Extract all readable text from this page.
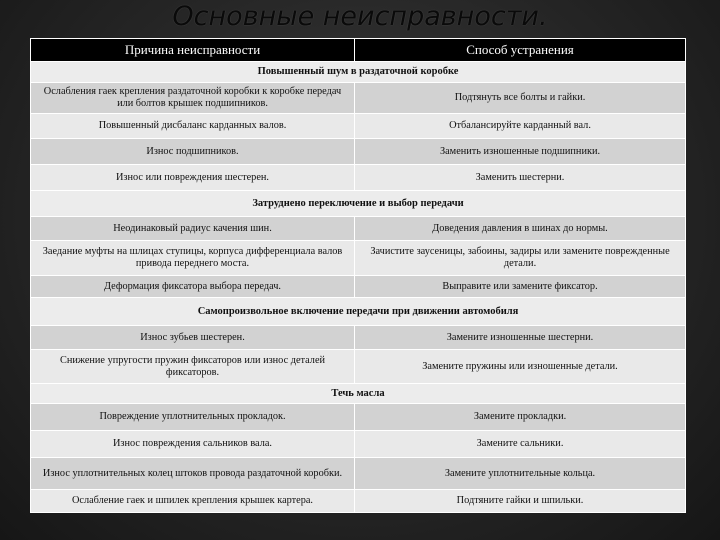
Основные неисправности.
Причина неисправности	Способ устранения
Повышенный шум в раздаточной коробке	
Ослабления гаек крепления раздаточной коробки к коробке передач или болтов крышек подшипников.	Подтянуть все болты и гайки.
Повышенный дисбаланс карданных валов.	Отбалансируйте карданный вал.
Износ подшипников.	Заменить изношенные подшипники.
Износ или повреждения шестерен.	Заменить шестерни.
Затруднено переключение и выбор передачи	
Неодинаковый радиус качения шин.	Доведения давления в шинах до нормы.
Заедание муфты на шлицах ступицы, корпуса дифференциала валов привода переднего моста.	Зачистите заусеницы, забоины, задиры или замените поврежденные детали.
Деформация фиксатора выбора передач.	Выправите или замените фиксатор.
Самопроизвольное включение передачи при движении автомобиля	
Износ зубьев шестерен.	Замените изношенные шестерни.
Снижение упругости пружин фиксаторов или износ деталей фиксаторов.	Замените пружины или изношенные детали.
Течь масла	
Повреждение уплотнительных прокладок.	Замените прокладки.
Износ повреждения сальников вала.	Замените сальники.
Износ уплотнительных колец штоков провода раздаточной коробки.	Замените уплотнительные кольца.
Ослабление гаек и шпилек крепления крышек картера.	Подтяните гайки и шпильки.
